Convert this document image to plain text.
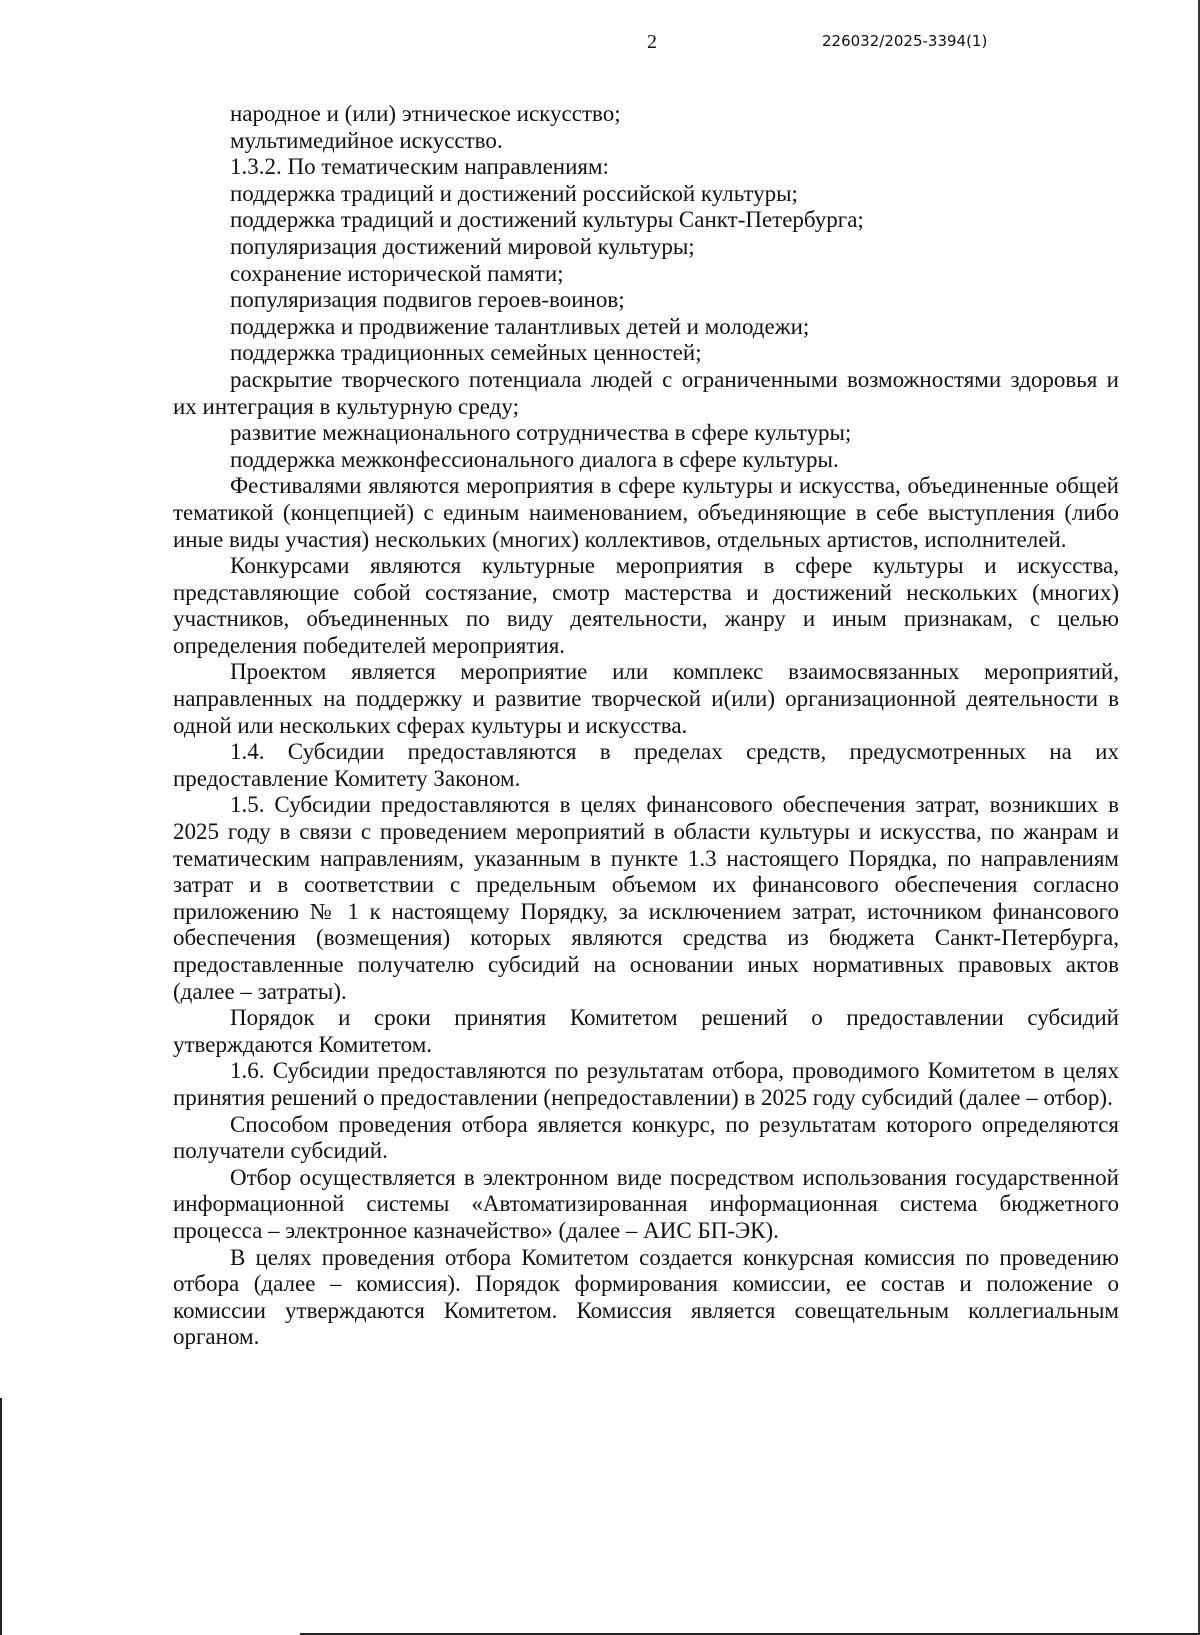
2	226032/2025-3394(1)

народное и (или) этническое искусство;

мультимедийное искусство.

1.3.2. По тематическим направлениям:

поддержка традиций и достижений российской культуры;

поддержка традиций и достижений культуры Санкт-Петербурга;

популяризация достижений мировой культуры;

сохранение исторической памяти;

популяризация подвигов героев-воинов;

поддержка и продвижение талантливых детей и молодежи;

поддержка традиционных семейных ценностей;

раскрытие творческого потенциала людей с ограниченными возможностями здоровья и их интеграция в культурную среду;

развитие межнационального сотрудничества в сфере культуры;

поддержка межконфессионального диалога в сфере культуры.

Фестивалями являются мероприятия в сфере культуры и искусства, объединенные общей тематикой (концепцией) с единым наименованием, объединяющие в себе выступления (либо иные виды участия) нескольких (многих) коллективов, отдельных артистов, исполнителей.

Конкурсами являются культурные мероприятия в сфере культуры и искусства, представляющие собой состязание, смотр мастерства и достижений нескольких (многих) участников, объединенных по виду деятельности, жанру и иным признакам, с целью определения победителей мероприятия.

Проектом является мероприятие или комплекс взаимосвязанных мероприятий, направленных на поддержку и развитие творческой и(или) организационной деятельности в одной или нескольких сферах культуры и искусства.

1.4. Субсидии предоставляются в пределах средств, предусмотренных на их предоставление Комитету Законом.

1.5. Субсидии предоставляются в целях финансового обеспечения затрат, возникших в 2025 году в связи с проведением мероприятий в области культуры и искусства, по жанрам и тематическим направлениям, указанным в пункте 1.3 настоящего Порядка, по направлениям затрат и в соответствии с предельным объемом их финансового обеспечения согласно приложению № 1 к настоящему Порядку, за исключением затрат, источником финансового обеспечения (возмещения) которых являются средства из бюджета Санкт-Петербурга, предоставленные получателю субсидий на основании иных нормативных правовых актов (далее – затраты).

Порядок и сроки принятия Комитетом решений о предоставлении субсидий утверждаются Комитетом.

1.6. Субсидии предоставляются по результатам отбора, проводимого Комитетом в целях принятия решений о предоставлении (непредоставлении) в 2025 году субсидий (далее – отбор).

Способом проведения отбора является конкурс, по результатам которого определяются получатели субсидий.

Отбор осуществляется в электронном виде посредством использования государственной информационной системы «Автоматизированная информационная система бюджетного процесса – электронное казначейство» (далее – АИС БП-ЭК).

В целях проведения отбора Комитетом создается конкурсная комиссия по проведению отбора (далее – комиссия). Порядок формирования комиссии, ее состав и положение о комиссии утверждаются Комитетом. Комиссия является совещательным коллегиальным органом.
